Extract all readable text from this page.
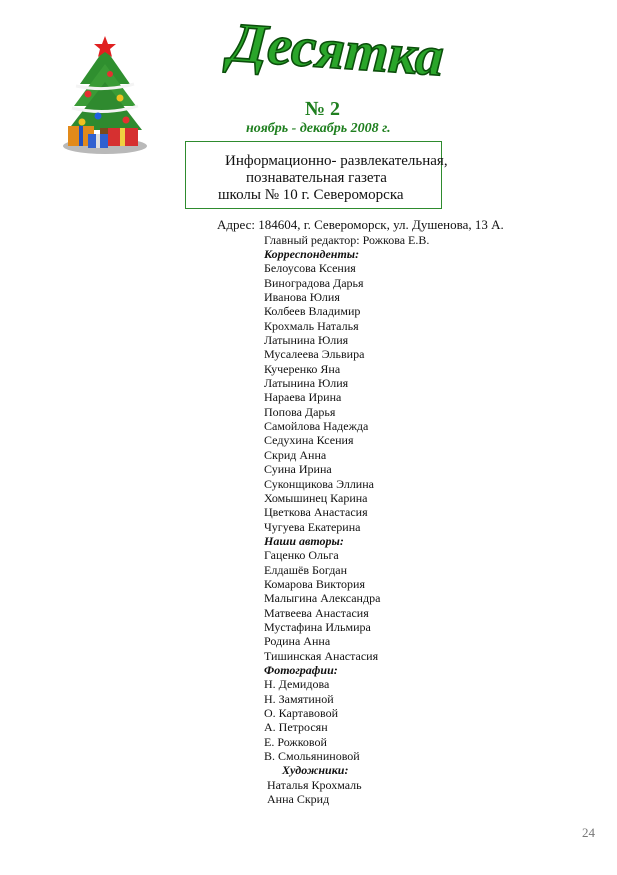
Десятка
№ 2
ноябрь - декабрь 2008 г.
Информационно- развлекательная,
познавательная газета
школы № 10 г. Североморска
Адрес: 184604, г. Североморск, ул. Душенова, 13 А.
Главный редактор: Рожкова Е.В.
Корреспонденты:
Белоусова Ксения
Виноградова Дарья
Иванова Юлия
Колбеев Владимир
Крохмаль Наталья
Латынина Юлия
Мусалеева Эльвира
Кучеренко Яна
Латынина Юлия
Нараева Ирина
Попова Дарья
Самойлова Надежда
Седухина Ксения
Скрид Анна
Суина Ирина
Суконщикова Эллина
Хомышинец Карина
Цветкова Анастасия
Чугуева Екатерина
Наши авторы:
Гаценко Ольга
Елдашёв Богдан
Комарова Виктория
Малыгина Александра
Матвеева Анастасия
Мустафина Ильмира
Родина Анна
Тишинская Анастасия
Фотографии:
Н. Демидова
Н. Замятиной
О. Картавовой
А. Петросян
Е. Рожковой
В. Смольяниновой
Художники:
Наталья Крохмаль
Анна Скрид
24
